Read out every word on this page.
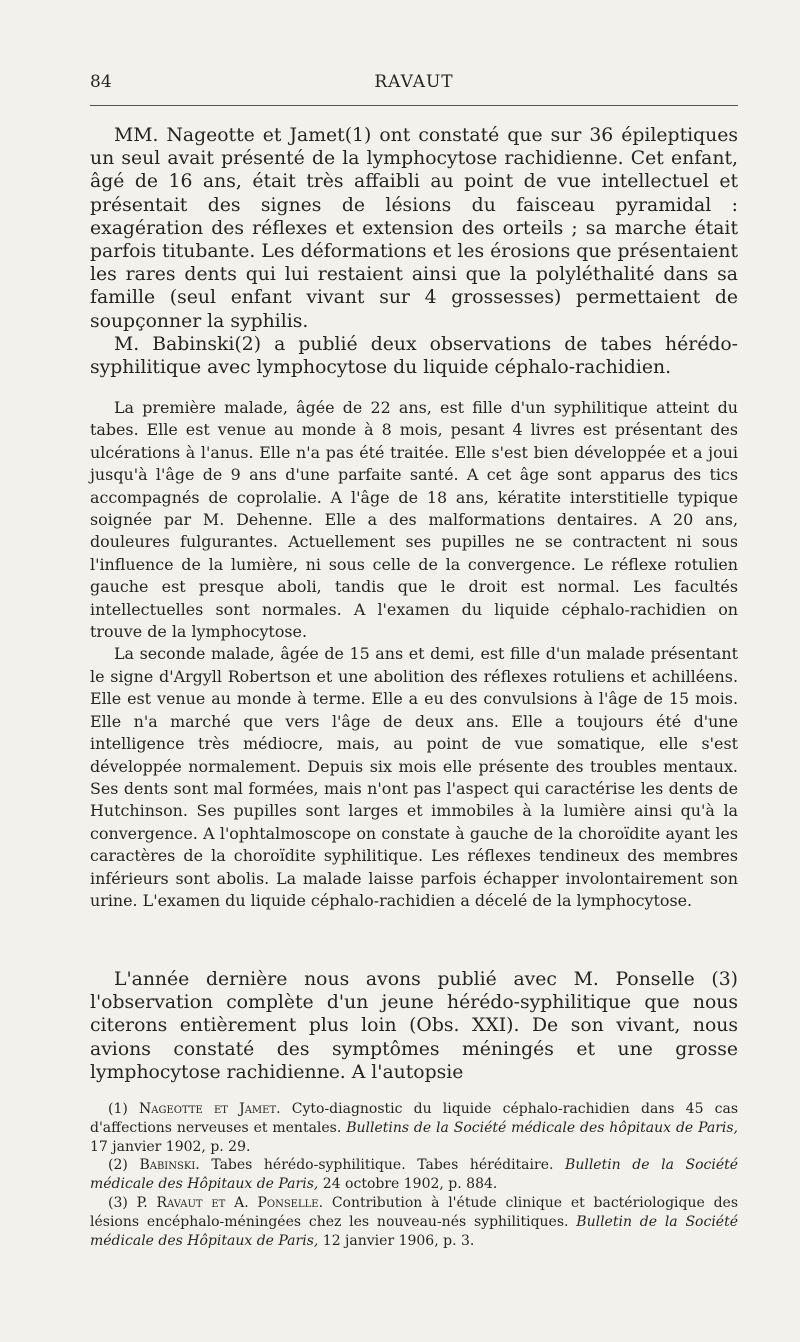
84	RAVAUT

MM. Nageotte et Jamet(1) ont constaté que sur 36 épileptiques un seul avait présenté de la lymphocytose rachidienne. Cet enfant, âgé de 16 ans, était très affaibli au point de vue intellectuel et présentait des signes de lésions du faisceau pyramidal : exagération des réflexes et extension des orteils ; sa marche était parfois titubante. Les déformations et les érosions que présentaient les rares dents qui lui restaient ainsi que la polyléthalité dans sa famille (seul enfant vivant sur 4 grossesses) permettaient de soupçonner la syphilis.

M. Babinski(2) a publié deux observations de tabes hérédo-syphilitique avec lymphocytose du liquide céphalo-rachidien.

La première malade, âgée de 22 ans, est fille d'un syphilitique atteint du tabes. Elle est venue au monde à 8 mois, pesant 4 livres est présentant des ulcérations à l'anus. Elle n'a pas été traitée. Elle s'est bien développée et a joui jusqu'à l'âge de 9 ans d'une parfaite santé. A cet âge sont apparus des tics accompagnés de coprolalie. A l'âge de 18 ans, kératite interstitielle typique soignée par M. Dehenne. Elle a des malformations dentaires. A 20 ans, douleures fulgurantes. Actuellement ses pupilles ne se contractent ni sous l'influence de la lumière, ni sous celle de la convergence. Le réflexe rotulien gauche est presque aboli, tandis que le droit est normal. Les facultés intellectuelles sont normales. A l'examen du liquide céphalo-rachidien on trouve de la lymphocytose.

La seconde malade, âgée de 15 ans et demi, est fille d'un malade présentant le signe d'Argyll Robertson et une abolition des réflexes rotuliens et achilléens. Elle est venue au monde à terme. Elle a eu des convulsions à l'âge de 15 mois. Elle n'a marché que vers l'âge de deux ans. Elle a toujours été d'une intelligence très médiocre, mais, au point de vue somatique, elle s'est développée normalement. Depuis six mois elle présente des troubles mentaux. Ses dents sont mal formées, mais n'ont pas l'aspect qui caractérise les dents de Hutchinson. Ses pupilles sont larges et immobiles à la lumière ainsi qu'à la convergence. A l'ophtalmoscope on constate à gauche de la choroïdite ayant les caractères de la choroïdite syphilitique. Les réflexes tendineux des membres inférieurs sont abolis. La malade laisse parfois échapper involontairement son urine. L'examen du liquide céphalo-rachidien a décelé de la lymphocytose.

L'année dernière nous avons publié avec M. Ponselle (3) l'observation complète d'un jeune hérédo-syphilitique que nous citerons entièrement plus loin (Obs. XXI). De son vivant, nous avions constaté des symptômes méningés et une grosse lymphocytose rachidienne. A l'autopsie

(1) Nageotte et Jamet. Cyto-diagnostic du liquide céphalo-rachidien dans 45 cas d'affections nerveuses et mentales. Bulletins de la Société médicale des hôpitaux de Paris, 17 janvier 1902, p. 29.

(2) Babinski. Tabes hérédo-syphilitique. Tabes héréditaire. Bulletin de la Société médicale des Hôpitaux de Paris, 24 octobre 1902, p. 884.

(3) P. Ravaut et A. Ponselle. Contribution à l'étude clinique et bactériologique des lésions encéphalo-méningées chez les nouveau-nés syphilitiques. Bulletin de la Société médicale des Hôpitaux de Paris, 12 janvier 1906, p. 3.
